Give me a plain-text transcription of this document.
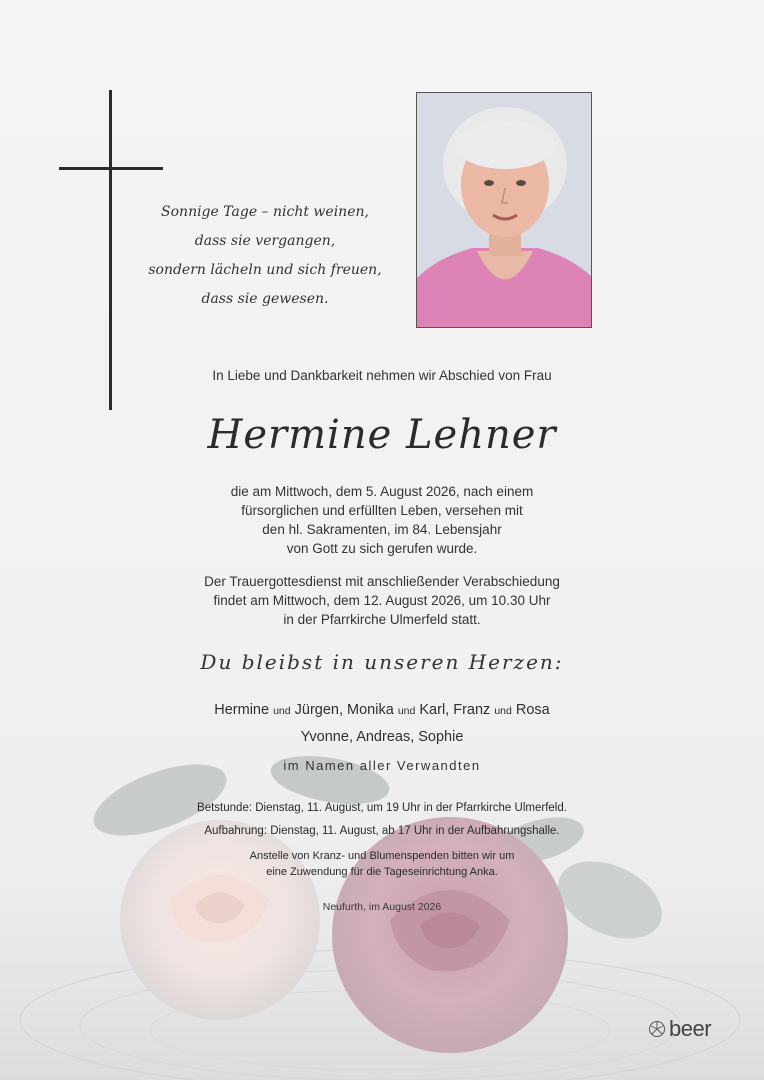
Sonnige Tage – nicht weinen,
dass sie vergangen,
sondern lächeln und sich freuen,
dass sie gewesen.
In Liebe und Dankbarkeit nehmen wir Abschied von Frau
Hermine Lehner
die am Mittwoch, dem 5. August 2026, nach einem
fürsorglichen und erfüllten Leben, versehen mit
den hl. Sakramenten, im 84. Lebensjahr
von Gott zu sich gerufen wurde.
Der Trauergottesdienst mit anschließender Verabschiedung
findet am Mittwoch, dem 12. August 2026, um 10.30 Uhr
in der Pfarrkirche Ulmerfeld statt.
Du bleibst in unseren Herzen:
Hermine und Jürgen, Monika und Karl, Franz und Rosa
Yvonne, Andreas, Sophie
im Namen aller Verwandten
Betstunde: Dienstag, 11. August, um 19 Uhr in der Pfarrkirche Ulmerfeld.
Aufbahrung: Dienstag, 11. August, ab 17 Uhr in der Aufbahrungshalle.
Anstelle von Kranz- und Blumenspenden bitten wir um
eine Zuwendung für die Tageseinrichtung Anka.
Neufurth, im August 2026
beer
